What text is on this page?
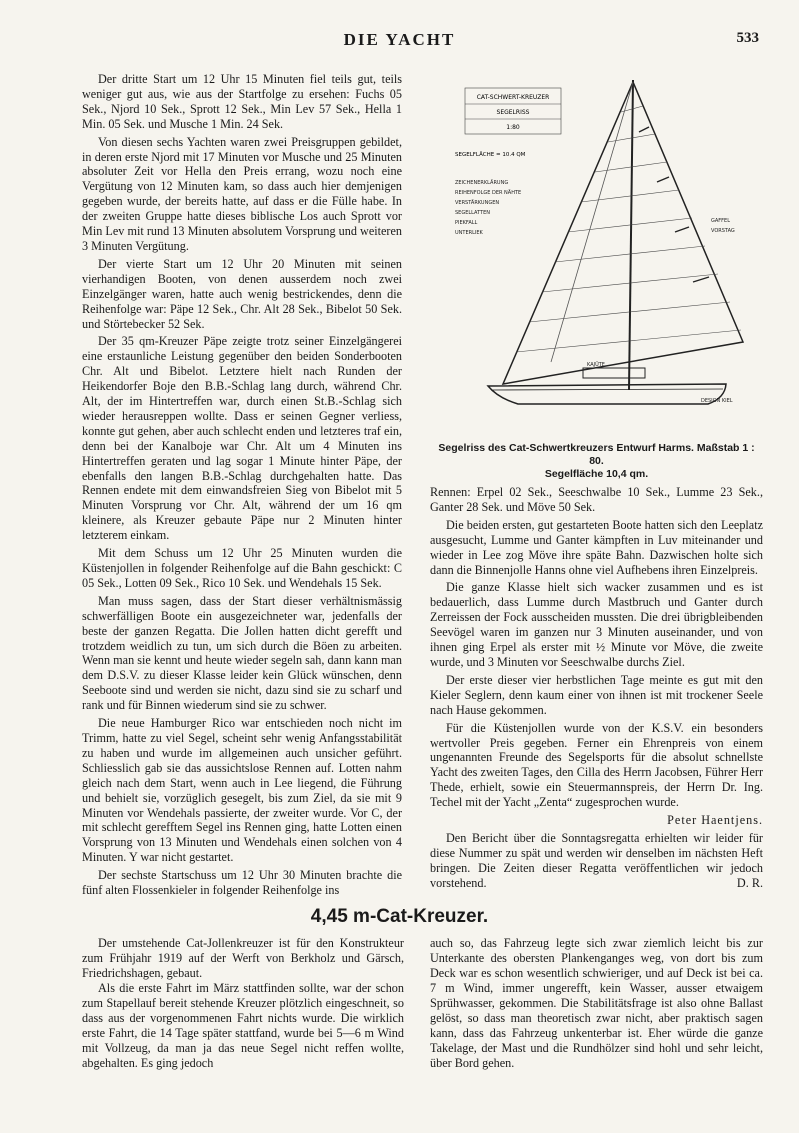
DIE YACHT	533

Der dritte Start um 12 Uhr 15 Minuten fiel teils gut, teils weniger gut aus, wie aus der Startfolge zu ersehen: Fuchs 05 Sek., Njord 10 Sek., Sprott 12 Sek., Min Lev 57 Sek., Hella 1 Min. 05 Sek. und Musche 1 Min. 24 Sek.

Von diesen sechs Yachten waren zwei Preisgruppen gebildet, in deren erste Njord mit 17 Minuten vor Musche und 25 Minuten absoluter Zeit vor Hella den Preis errang, wozu noch eine Vergütung von 12 Minuten kam, so dass auch hier demjenigen gegeben wurde, der bereits hatte, auf dass er die Fülle habe. In der zweiten Gruppe hatte dieses biblische Los auch Sprott vor Min Lev mit rund 13 Minuten absolutem Vorsprung und weiteren 3 Minuten Vergütung.

Der vierte Start um 12 Uhr 20 Minuten mit seinen vierhandigen Booten, von denen ausserdem noch zwei Einzelgänger waren, hatte auch wenig bestrickendes, denn die Reihenfolge war: Päpe 12 Sek., Chr. Alt 28 Sek., Bibelot 50 Sek. und Störtebecker 52 Sek.

Der 35 qm-Kreuzer Päpe zeigte trotz seiner Einzelgängerei eine erstaunliche Leistung gegenüber den beiden Sonderbooten Chr. Alt und Bibelot. Letztere hielt nach Runden der Heikendorfer Boje den B.B.-Schlag lang durch, während Chr. Alt, der im Hintertreffen war, durch einen St.B.-Schlag sich wieder herausreppen wollte. Dass er seinen Gegner verliess, konnte gut gehen, aber auch schlecht enden und letzteres traf ein, denn bei der Kanalboje war Chr. Alt um 4 Minuten ins Hintertreffen geraten und lag sogar 1 Minute hinter Päpe, der ebenfalls den langen B.B.-Schlag durchgehalten hatte. Das Rennen endete mit dem einwandsfreien Sieg von Bibelot mit 5 Minuten Vorsprung vor Chr. Alt, während der um 16 qm kleinere, als Kreuzer gebaute Päpe nur 2 Minuten hinter letzterem einkam.

Mit dem Schuss um 12 Uhr 25 Minuten wurden die Küstenjollen in folgender Reihenfolge auf die Bahn geschickt: C 05 Sek., Lotten 09 Sek., Rico 10 Sek. und Wendehals 15 Sek.

Man muss sagen, dass der Start dieser verhältnismässig schwerfälligen Boote ein ausgezeichneter war, jedenfalls der beste der ganzen Regatta. Die Jollen hatten dicht gerefft und trotzdem weidlich zu tun, um sich durch die Böen zu arbeiten. Wenn man sie kennt und heute wieder segeln sah, dann kann man dem D.S.V. zu dieser Klasse leider kein Glück wünschen, denn Seeboote sind und werden sie nicht, dazu sind sie zu scharf und rank und für Binnen wiederum sind sie zu schwer.

Die neue Hamburger Rico war entschieden noch nicht im Trimm, hatte zu viel Segel, scheint sehr wenig Anfangsstabilität zu haben und wurde im allgemeinen auch unsicher geführt. Schliesslich gab sie das aussichtslose Rennen auf. Lotten nahm gleich nach dem Start, wenn auch in Lee liegend, die Führung und behielt sie, vorzüglich gesegelt, bis zum Ziel, da sie mit 9 Minuten vor Wendehals passierte, der zweiter wurde. Vor C, der mit schlecht gerefftem Segel ins Rennen ging, hatte Lotten einen Vorsprung von 13 Minuten und Wendehals einen solchen von 4 Minuten. Y war nicht gestartet.

Der sechste Startschuss um 12 Uhr 30 Minuten brachte die fünf alten Flossenkieler in folgender Reihenfolge ins

CAT-SCHWERT-KREUZER
SEGELRISS
1:80
SEGELFLÄCHE = 10.4 QM
ZEICHENERKLÄRUNG
REIHENFOLGE DER NÄHTE
VERSTÄRKUNGEN
SEGELLATTEN
PIEKFALL
UNTERLIEK
GAFFEL
VORSTAG
KAJÜTE
DESIGN KIEL
Segelriss des Cat-Schwertkreuzers Entwurf Harms. Maßstab 1 : 80.
Segelfläche 10,4 qm.

Rennen: Erpel 02 Sek., Seeschwalbe 10 Sek., Lumme 23 Sek., Ganter 28 Sek. und Möve 50 Sek.

Die beiden ersten, gut gestarteten Boote hatten sich den Leeplatz ausgesucht, Lumme und Ganter kämpften in Luv miteinander und wieder in Lee zog Möve ihre späte Bahn. Dazwischen holte sich dann die Binnenjolle Hanns ohne viel Aufhebens ihren Einzelpreis.

Die ganze Klasse hielt sich wacker zusammen und es ist bedauerlich, dass Lumme durch Mastbruch und Ganter durch Zerreissen der Fock ausscheiden mussten. Die drei übrigbleibenden Seevögel waren im ganzen nur 3 Minuten auseinander, und von ihnen ging Erpel als erster mit ½ Minute vor Möve, die zweite wurde, und 3 Minuten vor Seeschwalbe durchs Ziel.

Der erste dieser vier herbstlichen Tage meinte es gut mit den Kieler Seglern, denn kaum einer von ihnen ist mit trockener Seele nach Hause gekommen.

Für die Küstenjollen wurde von der K.S.V. ein besonders wertvoller Preis gegeben. Ferner ein Ehrenpreis von einem ungenannten Freunde des Segelsports für die absolut schnellste Yacht des zweiten Tages, den Cilla des Herrn Jacobsen, Führer Herr Thede, erhielt, sowie ein Steuermannspreis, der Herrn Dr. Ing. Techel mit der Yacht „Zenta“ zugesprochen wurde.

Peter Haentjens.

Den Bericht über die Sonntagsregatta erhielten wir leider für diese Nummer zu spät und werden wir denselben im nächsten Heft bringen. Die Zeiten dieser Regatta veröffentlichen wir jedoch vorstehend.	D. R.

4,45 m-Cat-Kreuzer.

Der umstehende Cat-Jollenkreuzer ist für den Konstrukteur zum Frühjahr 1919 auf der Werft von Berkholz und Gärsch, Friedrichshagen, gebaut.

Als die erste Fahrt im März stattfinden sollte, war der schon zum Stapellauf bereit stehende Kreuzer plötzlich eingeschneit, so dass aus der vorgenommenen Fahrt nichts wurde. Die wirklich erste Fahrt, die 14 Tage später stattfand, wurde bei 5—6 m Wind mit Vollzeug, da man ja das neue Segel nicht reffen wollte, abgehalten. Es ging jedoch

auch so, das Fahrzeug legte sich zwar ziemlich leicht bis zur Unterkante des obersten Plankenganges weg, von dort bis zum Deck war es schon wesentlich schwieriger, und auf Deck ist bei ca. 7 m Wind, immer ungerefft, kein Wasser, ausser etwaigem Sprühwasser, gekommen. Die Stabilitätsfrage ist also ohne Ballast gelöst, so dass man theoretisch zwar nicht, aber praktisch sagen kann, dass das Fahrzeug unkenterbar ist. Eher würde die ganze Takelage, der Mast und die Rundhölzer sind hohl und sehr leicht, über Bord gehen.
